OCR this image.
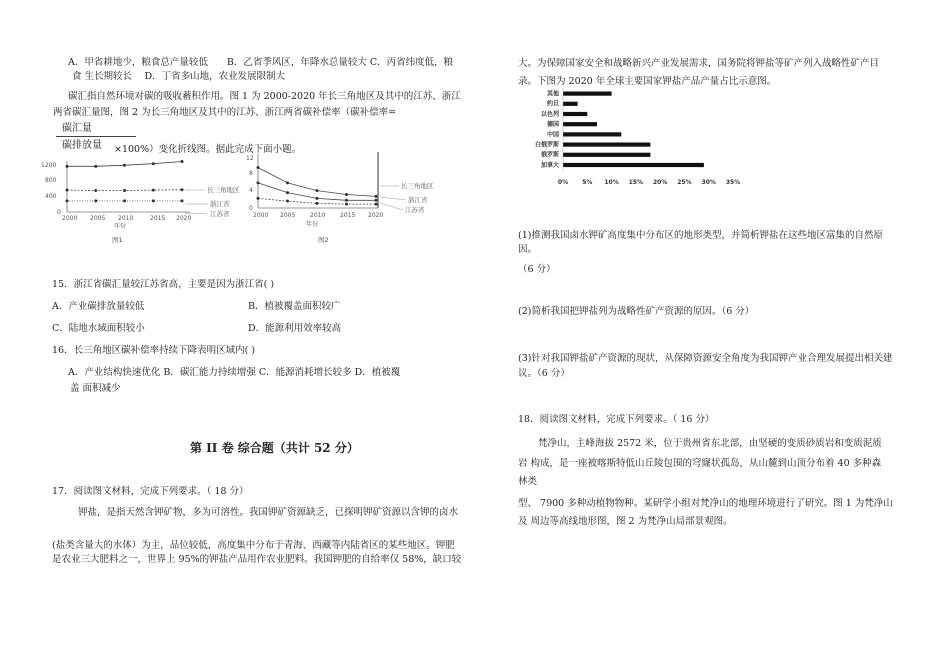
A．甲省耕地少，粮食总产量较低　　B．乙省季风区，年降水总量较大 C．丙省纬度低，粮
食 生长期较长　 D．丁省多山地，农业发展限制大
碳汇指自然环境对碳的吸收蓄积作用。图 1 为 2000-2020 年长三角地区及其中的江苏、浙江
两省碳汇量图，图 2 为长三角地区及其中的江苏、浙江两省碳补偿率（碳补偿率=
碳汇量
碳排放量 ×100%）变化折线图。据此完成下面小题。
1200
800
400
0
2000 2005 2010	2015 2020
年份
图1
长三角地区
浙江省
江苏省
12
8
4
0
2000 2005 2010 2015 2020
年份
图2
长三角地区
浙江省
江苏省
15．浙江省碳汇量较江苏省高，主要是因为浙江省( )
A．产业碳排放量较低	B．植被覆盖面积较广
C．陆地水域面积较小	D．能源利用效率较高
16．长三角地区碳补偿率持续下降表明区域内( )
A．产业结构快速优化 B．碳汇能力持续增强 C．能源消耗增长较多 D．植被覆
盖 面积减少
第 II 卷 综合题（共计 52 分）
17．阅读图文材料，完成下列要求。（ 18 分）
钾盐，是指天然含钾矿物，多为可溶性。我国钾矿资源缺乏，已探明钾矿资源以含钾的卤水
(盐类含量大的水体）为主，品位较低，高度集中分布于青海、西藏等内陆省区的某些地区。钾肥
是农业三大肥料之一，世界上 95%的钾盐产品用作农业肥料。我国钾肥的自给率仅 58%，缺口较
大。为保障国家安全和战略新兴产业发展需求，国务院将钾盐等矿产列入战略性矿产目
录。下图为 2020 年全球主要国家钾盐产品产量占比示意图。
其他
约旦
以色列
德国
中国
白俄罗斯
俄罗斯
加拿大
0% 5% 10% 15% 20% 25% 30% 35%
(1)推测我国卤水钾矿高度集中分布区的地形类型，并简析钾盐在这些地区富集的自然原
因。
（6 分）
(2)简析我国把钾盐列为战略性矿产资源的原因。（6 分）
(3)针对我国钾盐矿产资源的现状，从保障资源安全角度为我国钾产业合理发展提出相关建
议。（6 分）
18．阅读图文材料，完成下列要求。（ 16 分）
梵净山，主峰海拔 2572 米，位于贵州省东北部，由坚硬的变质砂质岩和变质泥质
岩 构成，是一座被喀斯特低山丘陵包围的穹窿状孤岛，从山麓到山顶分布着 40 多种森
林类
型、 7900 多种动植物物种。某研学小组对梵净山的地理环境进行了研究。图 1 为梵净山
及 周边等高线地形图，图 2 为梵净山局部景观图。
